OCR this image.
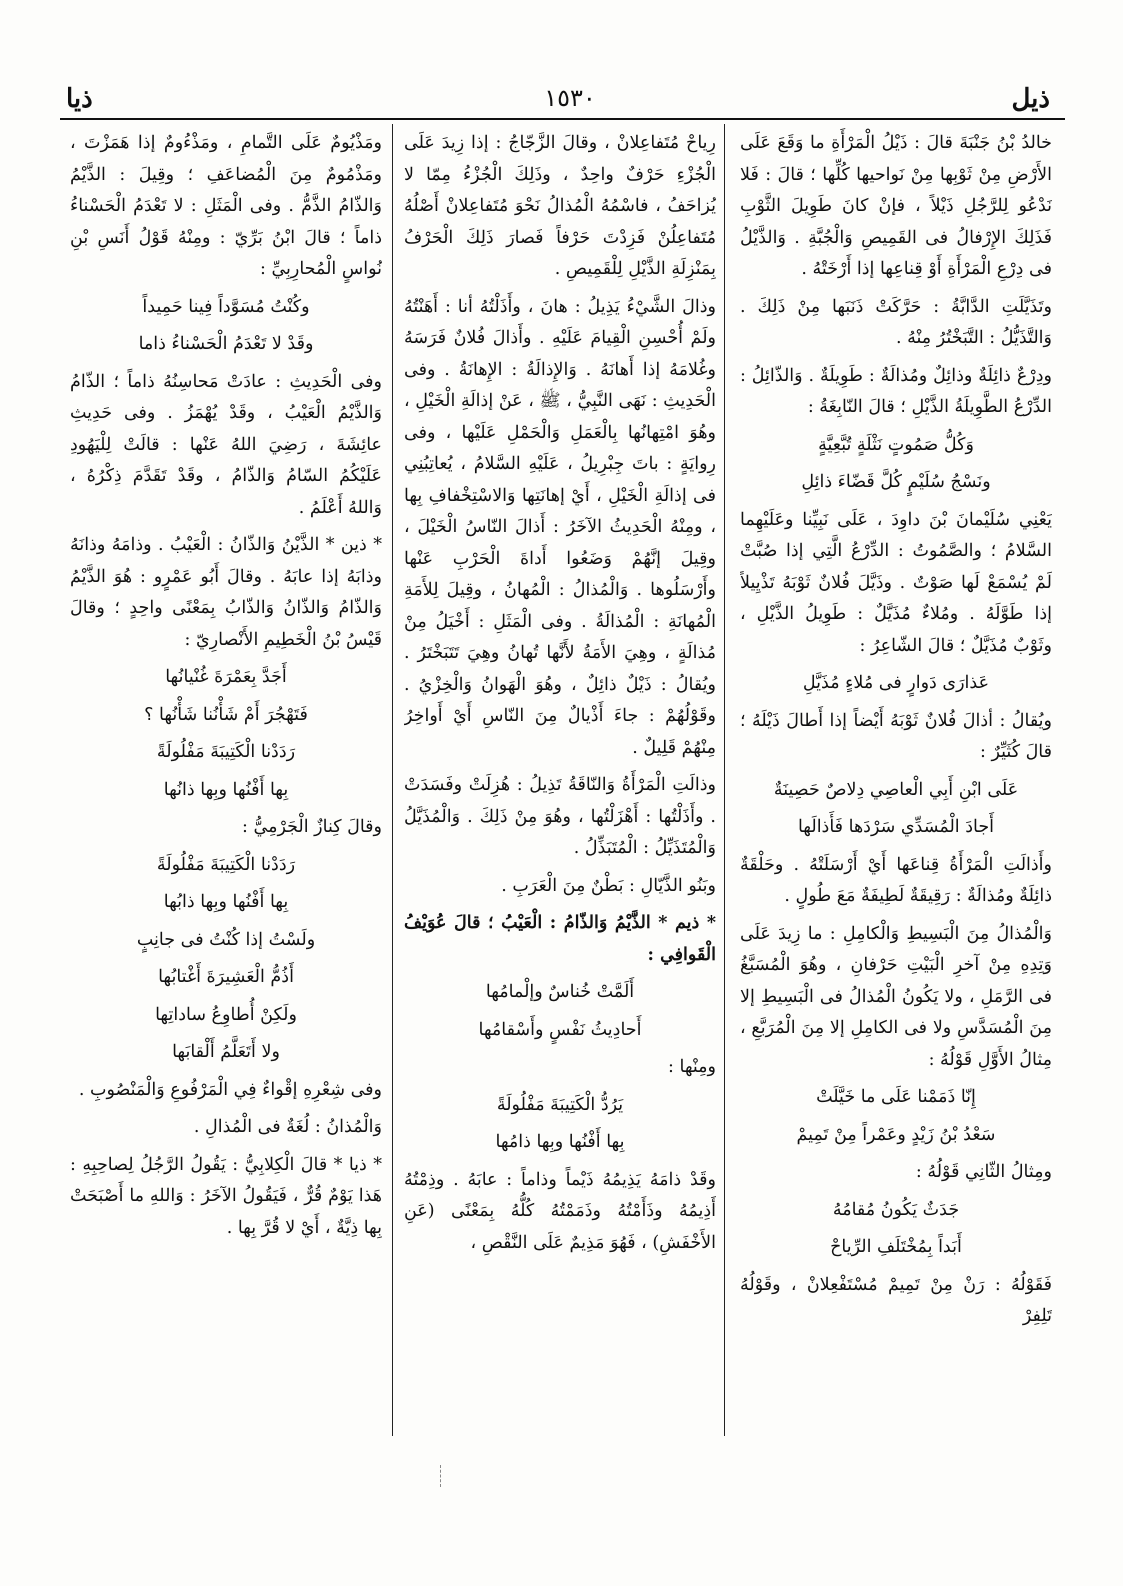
ذيا	١٥٣٠	ذيل

خالدُ بْنُ جَنْبَةَ قالَ : ذَيْلُ الْمَرْأَةِ ما وَقَعَ عَلَى الأَرْضِ مِنْ ثَوْبِها مِنْ نَواحيها كُلِّها ؛ قالَ : فَلا نَدْعُو لِلرَّجُلِ ذَيْلاً ، فإنْ كانَ طَوِيلَ الثَّوْبِ فَذَلِكَ الإِرْفالُ فى القَمِيصِ وَالْجُبَّةِ . وَالذَّيْلُ فى دِرْعِ الْمَرْأَةِ أَوْ قِناعِها إذا أَرْخَتْهُ .

وتَذَيَّلَتِ الدَّابَّةُ : حَرَّكَتْ ذَنَبَها مِنْ ذَلِكَ . وَالتَّذَيُّلُ : التَّبَخْتُرُ مِنْهُ .

ودِرْعٌ ذائِلَةٌ وذائِلٌ ومُذالَةٌ : طَوِيلَةٌ . وَالذّائِلُ : الدِّرْعُ الطَّوِيلَةُ الذَّيْلِ ؛ قالَ النّابِغَةُ :

وَكُلُّ صَمُوتٍ نَثْلَةٍ تُبَّعِيَّةٍ

ونَسْجُ سُلَيْمٍ كُلَّ قَضّاءَ ذائِلِ

يَعْنِي سُلَيْمانَ بْنَ داوِدَ ، عَلَى نَبِيِّنا وعَلَيْهِما السَّلامُ ؛ والصَّمُوتُ : الدِّرْعُ الَّتِي إذا صُبَّتْ لَمْ يُسْمَعْ لَها صَوْتٌ . وذَيَّلَ فُلانٌ ثَوْبَهُ تَذْيِيلاً إذا طَوَّلَهُ . ومُلاءٌ مُذَيَّلٌ : طَوِيلُ الذَّيْلِ ، وثَوْبٌ مُذَيَّلٌ ؛ قالَ الشّاعِرُ :

عَذارَى دَوارٍ فى مُلاءٍ مُذَيَّلِ

ويُقالُ : أذالَ فُلانٌ ثَوْبَهُ أَيْضاً إذا أَطالَ ذَيْلَهُ ؛ قالَ كُثَيِّرٌ :

عَلَى ابْنِ أَبِي الْعاصِي دِلاصٌ حَصِينَةٌ

أَجادَ الْمُسَدِّي سَرْدَها فَأَذالَها

وأَذالَتِ الْمَرْأَةُ قِناعَها أَيْ أَرْسَلَتْهُ . وحَلْقَةٌ ذائِلَةٌ ومُذالَةٌ : رَقِيقَةٌ لَطِيفَةٌ مَعَ طُولٍ .

وَالْمُذالُ مِنَ الْبَسِيطِ وَالْكامِلِ : ما زِيدَ عَلَى وَتِدِهِ مِنْ آخرِ الْبَيْتِ حَرْفانِ ، وهُوَ الْمُسَبَّغُ فى الرَّمَلِ ، ولا يَكُونُ الْمُذالُ فى الْبَسِيطِ إلا مِنَ الْمُسَدَّسِ ولا فى الكامِلِ إلا مِنَ الْمُرَبَّعِ ، مِثالُ الأَوَّلِ قَوْلُهُ :

إِنّا ذَمَمْنا عَلَى ما خَيَّلَتْ

سَعْدُ بْنُ زَيْدٍ وعَمْراً مِنْ تَمِيمْ

ومِثالُ الثّانِي قَوْلُهُ :

جَدَثٌ يَكُونُ مُقامُهُ

أَبَداً بِمُخْتَلَفِ الرِّياحْ

فَقَوْلُهُ : رَنْ مِنْ تَمِيمْ مُسْتَفْعِلانْ ، وقَوْلُهُ تَلِفِرْ

رِياحْ مُتَفاعِلانْ ، وقالَ الزَّجّاجُ : إذا زِيدَ عَلَى الْجُزْءِ حَرْفٌ واحِدٌ ، وذَلِكَ الْجُزْءُ مِمّا لا يُزاحَفُ ، فاسْمُهُ الْمُذالُ نَحْوَ مُتَفاعِلانْ أَصْلُهُ مُتَفاعِلُنْ فَزِدْتَ حَرْفاً فَصارَ ذَلِكَ الْحَرْفُ بِمَنْزِلَةِ الذَّيْلِ لِلْقَمِيصِ .

وذالَ الشَّيْءُ يَذِيلُ : هانَ ، وأَذَلْتُهُ أنا : أَهَنْتُهُ ولَمْ أُحْسِنِ الْقِيامَ عَلَيْهِ . وأَذالَ فُلانٌ فَرَسَهُ وغُلامَهُ إذا أَهانَهُ . وَالإِذالَةُ : الإِهانَةُ . وفى الْحَدِيثِ : نَهَى النَّبِيُّ ، ﷺ ، عَنْ إذالَةِ الْخَيْلِ ، وهُوَ امْتِهانُها بِالْعَمَلِ وَالْحَمْلِ عَلَيْها ، وفى رِوايَةٍ : باتَ جِبْرِيلُ ، عَلَيْهِ السَّلامُ ، يُعاتِبُنِي فى إذالَةِ الْخَيْلِ ، أَيْ إهانَتِها وَالاسْتِخْفافِ بِها ، ومِنْهُ الْحَدِيثُ الآخَرُ : أَذالَ النّاسُ الْخَيْلَ ، وقِيلَ إنَّهُمْ وَضَعُوا أَداةَ الْحَرْبِ عَنْها وأَرْسَلُوها . وَالْمُذالُ : الْمُهانُ ، وقِيلَ لِلأَمَةِ الْمُهانَةِ : الْمُذالَةُ . وفى الْمَثَلِ : أَخْيَلُ مِنْ مُذالَةٍ ، وهِيَ الأَمَةُ لأَنَّها تُهانُ وهِيَ تَتَبَخْتَرُ . ويُقالُ : ذَيْلٌ ذائِلٌ ، وهُوَ الْهَوانُ وَالْخِزْيُ . وقَوْلُهُمْ : جاءَ أَذْيالٌ مِنَ النّاسِ أَيْ أَواخِرُ مِنْهُمْ قَلِيلٌ .

وذالَتِ الْمَرْأَةُ وَالنّاقَةُ تَذِيلُ : هُزِلَتْ وفَسَدَتْ . وأَذَلْتُها : أَهْزَلْتُها ، وهُوَ مِنْ ذَلِكَ . وَالْمُذَيَّلُ وَالْمُتَذَيِّلُ : الْمُتَبَذِّلُ .

وبَنُو الذَّيّالِ : بَطْنٌ مِنَ الْعَرَبِ .

* ذيم * الذَّيْمُ وَالذّامُ : الْعَيْبُ ؛ قالَ عُوَيْفُ الْقَوافِي :

أَلَمَّتْ خُناسٌ وإلْمامُها

أَحادِيثُ نَفْسٍ وأَسْقامُها

ومِنْها :

يَرُدُّ الْكَتِيبَةَ مَفْلُولَةً

بِها أَفْنُها وبِها ذامُها

وقَدْ ذامَهُ يَذِيمُهُ ذَيْماً وذاماً : عابَهُ . وذِمْتُهُ أَذِيمُهُ وذَأَمْتُهُ وذَمَمْتُهُ كُلُّهُ بِمَعْنًى (عَنِ الأَخْفَشِ) ، فَهُوَ مَذِيمٌ عَلَى النَّقْصِ ،

ومَذْيُومٌ عَلَى التَّمامِ ، ومَذْءُومٌ إذا هَمَزْتَ ، ومَذْمُومٌ مِنَ الْمُضاعَفِ ؛ وقِيلَ : الذَّيْمُ وَالذّامُ الذَّمُّ . وفى الْمَثَلِ : لا تَعْدَمُ الْحَسْناءُ ذاماً ؛ قالَ ابْنُ بَرِّيّ : ومِنْهُ قَوْلُ أَنَسِ بْنِ نُواسٍ الْمُحارِبِيِّ :

وكُنْتُ مُسَوَّداً فِينا حَمِيداً

وقَدْ لا تَعْدَمُ الْحَسْناءُ ذاما

وفى الْحَدِيثِ : عادَتْ مَحاسِنُهُ ذاماً ؛ الذّامُ وَالذَّيْمُ الْعَيْبُ ، وقَدْ يُهْمَزُ . وفى حَدِيثِ عائِشَةَ ، رَضِيَ اللهُ عَنْها : قالَتْ لِلْيَهُودِ عَلَيْكُمُ السّامُ وَالذّامُ ، وقَدْ تَقَدَّمَ ذِكْرُهُ ، وَاللهُ أَعْلَمُ .

* ذين * الذَّيْنُ وَالذّانُ : الْعَيْبُ . وذامَهُ وذانَهُ وذابَهُ إذا عابَهُ . وقالَ أَبُو عَمْرٍو : هُوَ الذَّيْمُ وَالذّامُ وَالذّانُ وَالذّابُ بِمَعْنًى واحِدٍ ؛ وقالَ قَيْسُ بْنُ الْخَطِيمِ الأَنْصارِيّ :

أَجَدَّ بِعَمْرَةَ غُنْيانُها

فَتَهْجُرَ أَمْ شَأْنُنا شَأْنُها ؟

رَدَدْنا الْكَتِيبَةَ مَفْلُولَةً

بِها أَفْنُها وبِها ذانُها

وقالَ كِنازٌ الْجَرْمِيُّ :

رَدَدْنا الْكَتِيبَةَ مَفْلُولَةً

بِها أَفْنُها وبِها ذابُها

ولَسْتُ إذا كُنْتُ فى جانِبٍ

أَذُمُّ الْعَشِيرَةَ أَغْتابُها

ولَكِنْ أُطاوِعُ ساداتِها

ولا أَتَعَلَّمُ أَلْقابَها

وفى شِعْرِهِ إقْواءٌ فِي الْمَرْفُوعِ وَالْمَنْصُوبِ .

وَالْمُذانُ : لُغَةٌ فى الْمُذالِ .

* ذيا * قالَ الْكِلابِيُّ : يَقُولُ الرَّجُلُ لِصاحِبِهِ : هَذا يَوْمٌ قُرٌّ ، فَيَقُولُ الآخَرُ : وَاللهِ ما أَصْبَحَتْ بِها ذِيَّةٌ ، أَيْ لا قُرَّ بِها .
